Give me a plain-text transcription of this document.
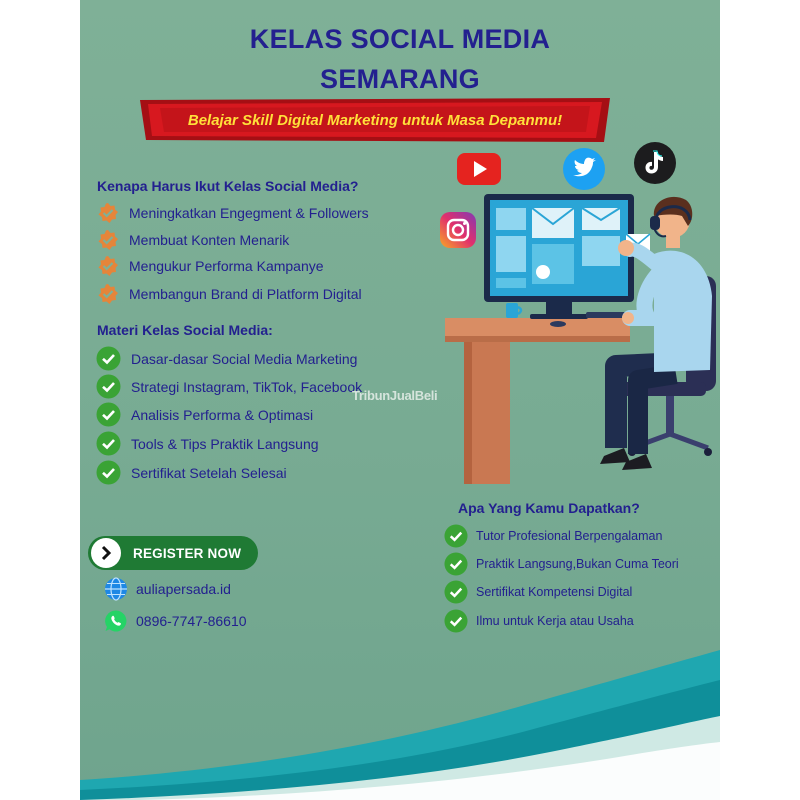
KELAS SOCIAL MEDIA
SEMARANG
Belajar Skill Digital Marketing untuk Masa Depanmu!
Kenapa Harus Ikut Kelas Social Media?
Meningkatkan Engegment & Followers
Membuat Konten Menarik
Mengukur Performa Kampanye
Membangun Brand di Platform Digital
Materi Kelas Social Media:
Dasar-dasar Social Media Marketing
Strategi Instagram, TikTok, Facebook
Analisis Performa & Optimasi
Tools & Tips Praktik Langsung
Sertifikat Setelah Selesai
TribunJualBeli
Apa Yang Kamu Dapatkan?
Tutor Profesional Berpengalaman
Praktik Langsung,Bukan Cuma Teori
Sertifikat Kompetensi Digital
Ilmu untuk Kerja atau Usaha
REGISTER NOW
auliapersada.id
0896-7747-86610
